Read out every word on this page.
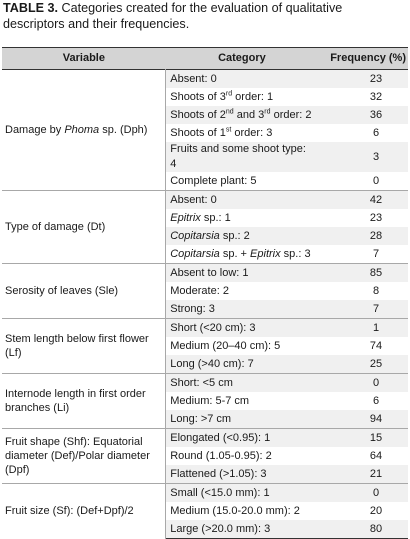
TABLE 3. Categories created for the evaluation of qualitative descriptors and their frequencies.
Variable	Category	Frequency (%)
Damage by Phoma sp. (Dph)	Absent: 0	23
	Shoots of 3rd order: 1	32
	Shoots of 2nd and 3rd order: 2	36
	Shoots of 1st order: 3	6
	Fruits and some shoot type: 4	3
	Complete plant: 5	0
Type of damage (Dt)	Absent: 0	42
	Epitrix sp.: 1	23
	Copitarsia sp.: 2	28
	Copitarsia sp. + Epitrix sp.: 3	7
Serosity of leaves (Sle)	Absent to low: 1	85
	Moderate: 2	8
	Strong: 3	7
Stem length below first flower (Lf)	Short (<20 cm): 3	1
	Medium (20–40 cm): 5	74
	Long (>40 cm): 7	25
Internode length in first order branches (Li)	Short: <5 cm	0
	Medium: 5-7 cm	6
	Long: >7 cm	94
Fruit shape (Shf): Equatorial diameter (Def)/Polar diameter (Dpf)	Elongated (<0.95): 1	15
	Round (1.05-0.95): 2	64
	Flattened (>1.05): 3	21
Fruit size (Sf): (Def+Dpf)/2	Small (<15.0 mm): 1	0
	Medium (15.0-20.0 mm): 2	20
	Large (>20.0 mm): 3	80
